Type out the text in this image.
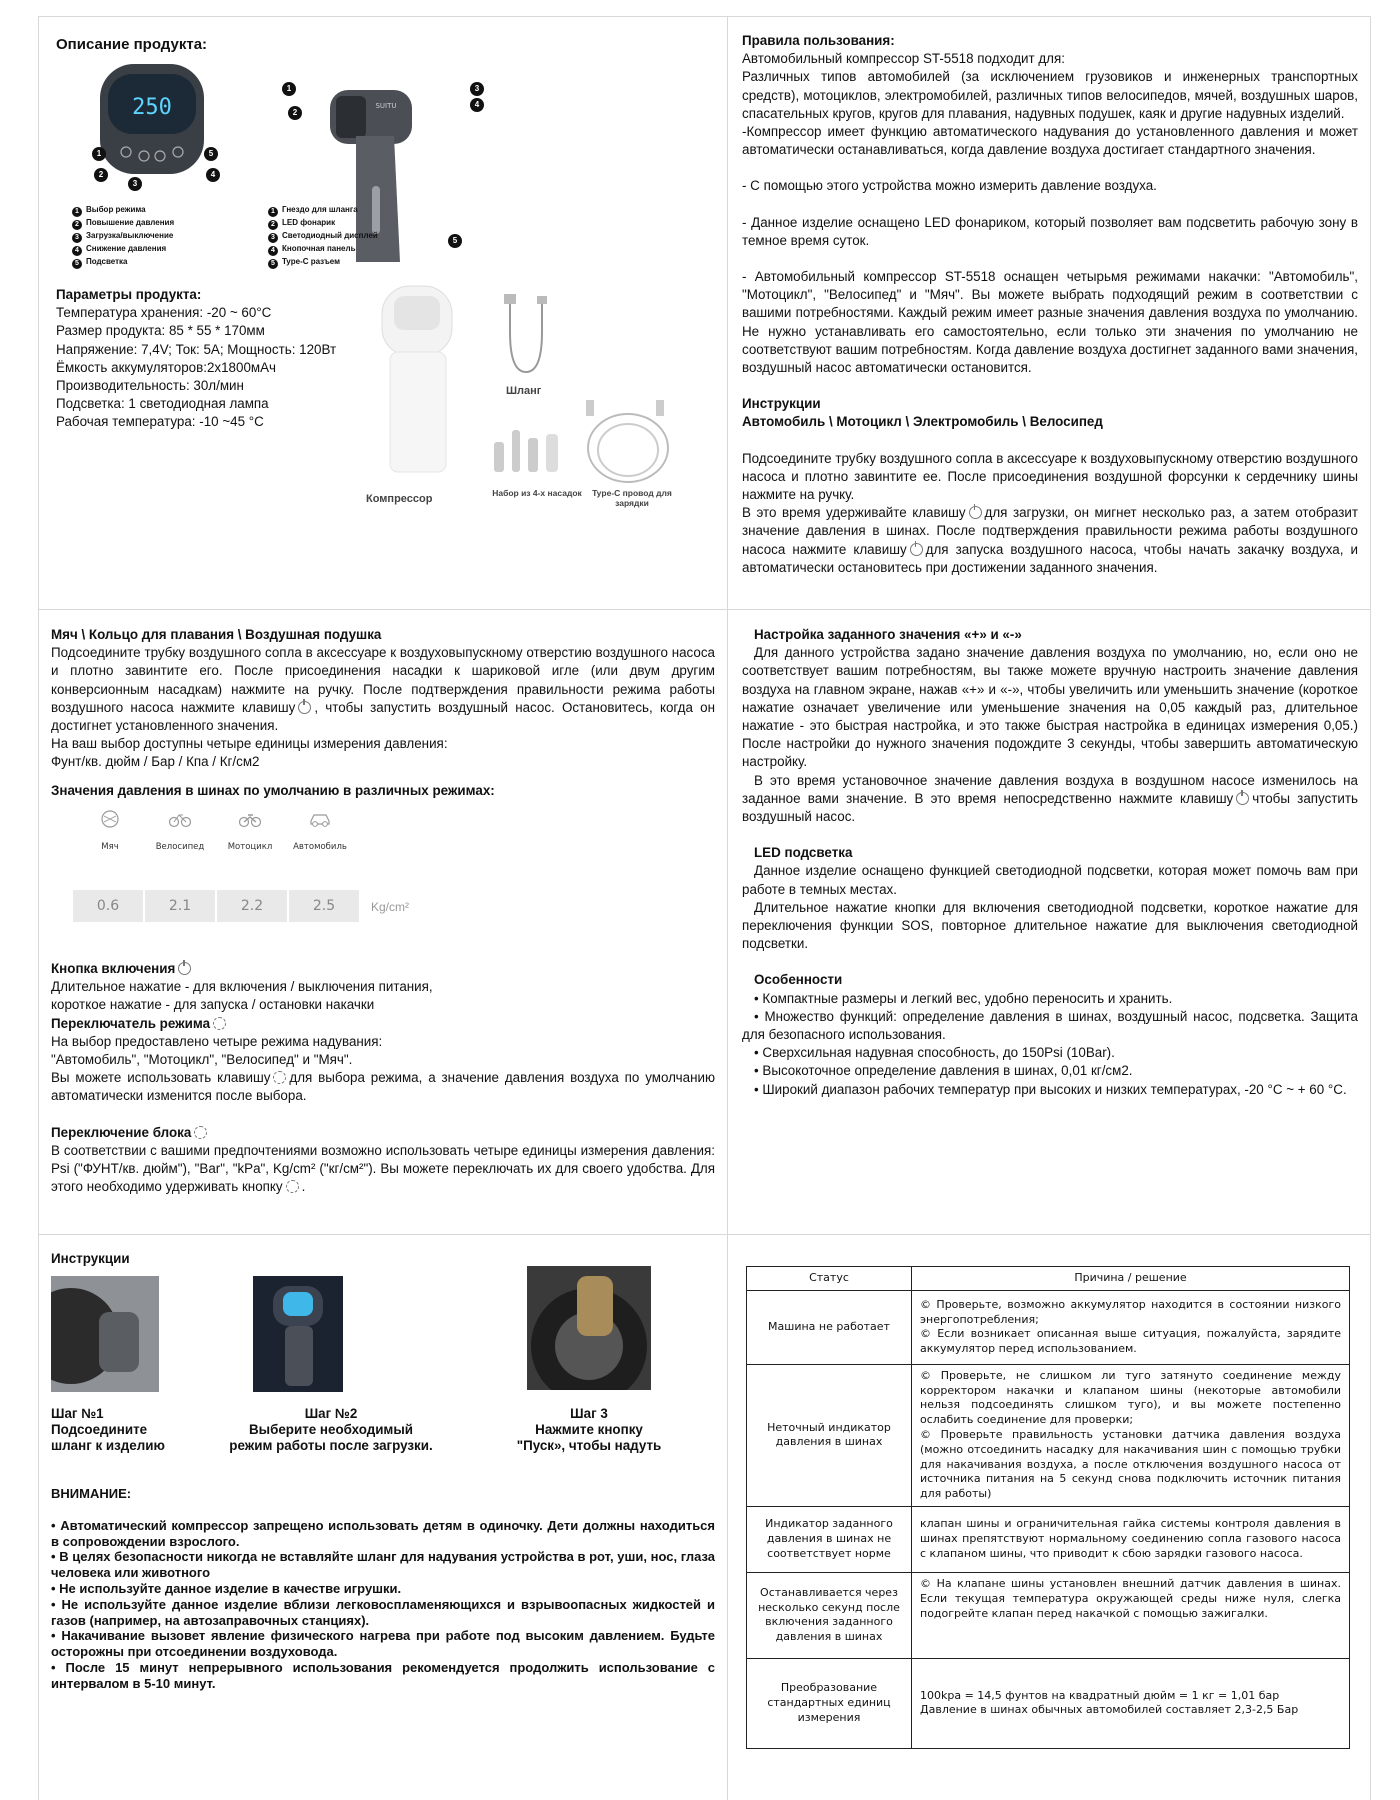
Описание продукта:
250
1
2
3
5
4
1 Выбор режима
2 Повышение давления
3 Загрузка/выключение
4 Снижение давления
5 Подсветка
SUITU
1
2
3
4
5
1 Гнездо для шланга
2 LED фонарик
3 Светодиодный дисплей
4 Кнопочная панель
5 Type-C разъем
Параметры продукта:
Температура хранения: -20 ~ 60°С
Размер продукта: 85 * 55 * 170мм
Напряжение: 7,4V; Ток: 5A; Мощность: 120Вт
Ёмкость аккумуляторов:2x1800мАч
Производительность: 30л/мин
Подсветка: 1 светодиодная лампа
Рабочая температура: -10 ~45 °C
Компрессор
Шланг
Набор из 4-х насадок	Type-C провод для зарядки
Правила пользования:

Автомобильный компрессор ST-5518 подходит для:

Различных типов автомобилей (за исключением грузовиков и инженерных транспортных средств), мотоциклов, электромобилей, различных типов велосипедов, мячей, воздушных шаров, спасательных кругов, кругов для плавания, надувных подушек, каяк и другие надувных изделий.

-Компрессор имеет функцию автоматического надувания до установленного давления и может автоматически останавливаться, когда давление воздуха достигает стандартного значения.

- С помощью этого устройства можно измерить давление воздуха.

- Данное изделие оснащено LED фонариком, который позволяет вам подсветить рабочую зону в темное время суток.

- Автомобильный компрессор ST-5518 оснащен четырьмя режимами накачки: "Автомобиль", "Мотоцикл", "Велосипед" и "Мяч". Вы можете выбрать подходящий режим в соответствии с вашими потребностями. Каждый режим имеет разные значения давления воздуха по умолчанию. Не нужно устанавливать его самостоятельно, если только эти значения по умолчанию не соответствуют вашим потребностям. Когда давление воздуха достигнет заданного вами значения, воздушный насос автоматически остановится.

Инструкции
Автомобиль \ Мотоцикл \ Электромобиль \ Велосипед

Подсоедините трубку воздушного сопла в аксессуаре к воздуховыпускному отверстию воздушного насоса и плотно завинтите ее. После присоединения воздушной форсунки к сердечнику шины нажмите на ручку.

В это время удерживайте клавишу для загрузки, он мигнет несколько раз, а затем отобразит значение давления в шинах. После подтверждения правильности режима работы воздушного насоса нажмите клавишу для запуска воздушного насоса, чтобы начать закачку воздуха, и автоматически остановитесь при достижении заданного значения.

Мяч \ Кольцо для плавания \ Воздушная подушка

Подсоедините трубку воздушного сопла в аксессуаре к воздуховыпускному отверстию воздушного насоса и плотно завинтите его. После присоединения насадки к шариковой игле (или двум другим конверсионным насадкам) нажмите на ручку. После подтверждения правильности режима работы воздушного насоса нажмите клавишу , чтобы запустить воздушный насос. Остановитесь, когда он достигнет установленного значения.

На ваш выбор доступны четыре единицы измерения давления:

Фунт/кв. дюйм / Бар / Кпа / Кг/см2

Значения давления в шинах по умолчанию в различных режимах:
Мяч	Велосипед	Мотоцикл	Автомобиль
0.6	2.1	2.2	2.5	Kg/cm²
Кнопка включения
Длительное нажатие - для включения / выключения питания,
короткое нажатие - для запуска / остановки накачки
Переключатель режима
На выбор предоставлено четыре режима надувания:
"Автомобиль", "Мотоцикл", "Велосипед" и "Мяч".

Вы можете использовать клавишу для выбора режима, а значение давления воздуха по умолчанию автоматически изменится после выбора.

Переключение блока

В соответствии с вашими предпочтениями возможно использовать четыре единицы измерения давления: Psi ("ФУНТ/кв. дюйм"), "Bar", "kPa", Kg/cm² ("кг/см²"). Вы можете переключать их для своего удобства. Для этого необходимо удерживать кнопку .

Настройка заданного значения «+» и «-»

Для данного устройства задано значение давления воздуха по умолчанию, но, если оно не соответствует вашим потребностям, вы также можете вручную настроить значение давления воздуха на главном экране, нажав «+» и «-», чтобы увеличить или уменьшить значение (короткое нажатие означает увеличение или уменьшение значения на 0,05 каждый раз, длительное нажатие - это быстрая настройка, и это также быстрая настройка в единицах измерения 0,05.) После настройки до нужного значения подождите 3 секунды, чтобы завершить автоматическую настройку.

В это время установочное значение давления воздуха в воздушном насосе изменилось на заданное вами значение. В это время непосредственно нажмите клавишу чтобы запустить воздушный насос.

LED подсветка

Данное изделие оснащено функцией светодиодной подсветки, которая может помочь вам при работе в темных местах.

Длительное нажатие кнопки для включения светодиодной подсветки, короткое нажатие для переключения функции SOS, повторное длительное нажатие для выключения светодиодной подсветки.

Особенности

• Компактные размеры и легкий вес, удобно переносить и хранить.

• Множество функций: определение давления в шинах, воздушный насос, подсветка. Защита для безопасного использования.

• Сверхсильная надувная способность, до 150Psi (10Bar).

• Высокоточное определение давления в шинах, 0,01 кг/см2.

• Широкий диапазон рабочих температур при высоких и низких температурах, -20 °C ~ + 60 °C.

Инструкции
Шаг №1
Подсоедините
шланг к изделию
Шаг №2
Выберите необходимый
режим работы после загрузки.
Шаг 3
Нажмите кнопку
"Пуск», чтобы надуть
ВНИМАНИЕ:

• Автоматический компрессор запрещено использовать детям в одиночку. Дети должны находиться в сопровождении взрослого.

• В целях безопасности никогда не вставляйте шланг для надувания устройства в рот, уши, нос, глаза человека или животного

• Не используйте данное изделие в качестве игрушки.

• Не используйте данное изделие вблизи легковоспламеняющихся и взрывоопасных жидкостей и газов (например, на автозаправочных станциях).

• Накачивание вызовет явление физического нагрева при работе под высоким давлением. Будьте осторожны при отсоединении воздуховода.

• После 15 минут непрерывного использования рекомендуется продолжить использование с интервалом в 5-10 минут.

Статус	Причина / решение
Машина не работает	© Проверьте, возможно аккумулятор находится в состоянии низкого энергопотребления;
© Если возникает описанная выше ситуация, пожалуйста, зарядите аккумулятор перед использованием.

Неточный индикатор давления в шинах	© Проверьте, не слишком ли туго затянуто соединение между корректором накачки и клапаном шины (некоторые автомобили нельзя подсоединять слишком туго), и вы можете постепенно ослабить соединение для проверки;
© Проверьте правильность установки датчика давления воздуха (можно отсоединить насадку для накачивания шин с помощью трубки для накачивания воздуха, а после отключения воздушного насоса от источника питания на 5 секунд снова подключить источник питания для работы)

Индикатор заданного давления в шинах не соответствует норме	клапан шины и ограничительная гайка системы контроля давления в шинах препятствуют нормальному соединению сопла газового насоса с клапаном шины, что приводит к сбою зарядки газового насоса.

Останавливается через несколько секунд после включения заданного давления в шинах	© На клапане шины установлен внешний датчик давления в шинах. Если текущая температура окружающей среды ниже нуля, слегка подогрейте клапан перед накачкой с помощью зажигалки.

Преобразование стандартных единиц измерения	100kpa = 14,5 фунтов на квадратный дюйм = 1 кг = 1,01 бар
Давление в шинах обычных автомобилей составляет 2,3-2,5 Бар
